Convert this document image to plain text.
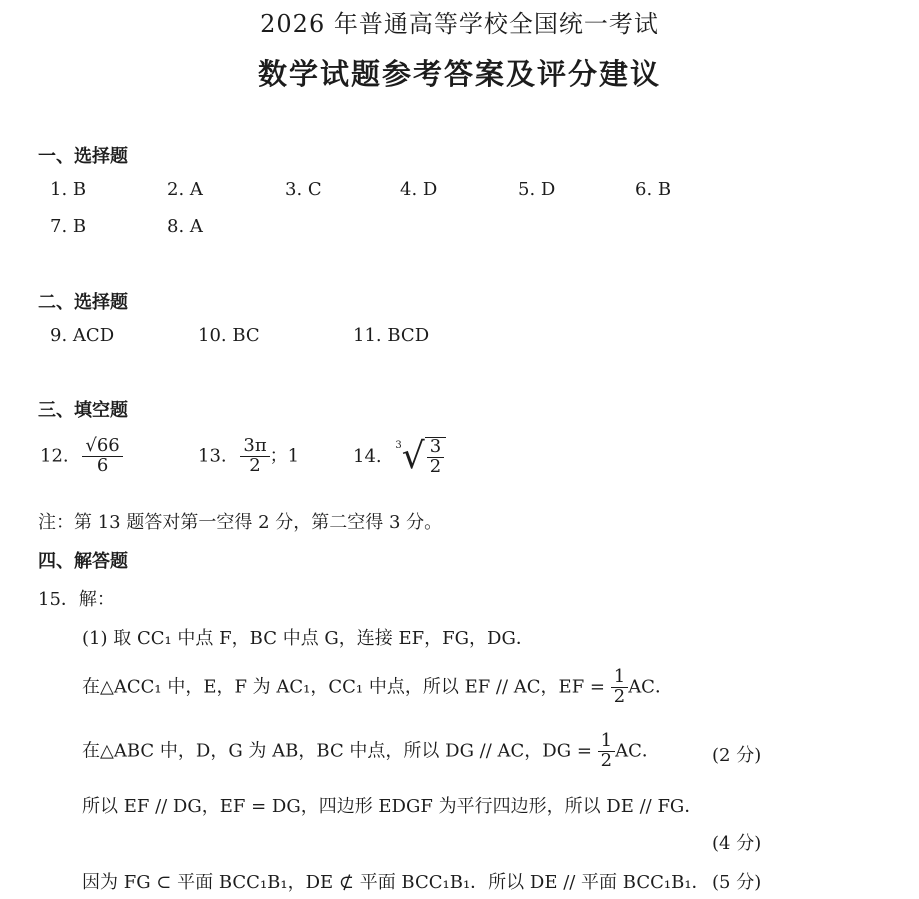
2026 年普通高等学校全国统一考试
数学试题参考答案及评分建议
一、选择题
1. B	2. A	3. C	4. D	5. D	6. B
7. B	8. A
二、选择题
9. ACD	10. BC	11. BCD
三、填空题
12. $\frac{√66}{6}$	13. $\frac{3\pi}{2}$ ；1	14. $^3√ \frac{3}{2}$
注：第 13 题答对第一空得 2 分，第二空得 3 分。
四、解答题
15．解：
(1) 取 CC₁ 中点 F，BC 中点 G，连接 EF，FG，DG．
在△ACC₁ 中，E，F 为 AC₁，CC₁ 中点，所以 EF // AC，EF = $\frac{1}{2}$ AC．
在△ABC 中，D，G 为 AB，BC 中点，所以 DG // AC，DG = $\frac{1}{2}$ AC．	(2 分)
所以 EF // DG，EF = DG，四边形 EDGF 为平行四边形，所以 DE // FG．
(4 分)
因为 FG ⊂ 平面 BCC₁B₁，DE ⊄ 平面 BCC₁B₁．所以 DE // 平面 BCC₁B₁． (5 分)
